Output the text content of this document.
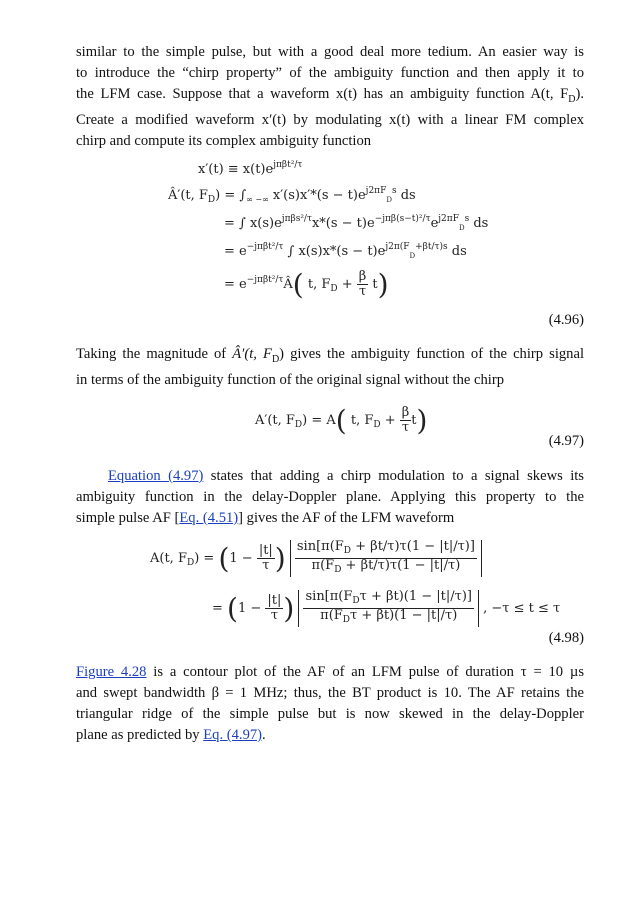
similar to the simple pulse, but with a good deal more tedium. An easier way is
to introduce the “chirp property” of the ambiguity function and then apply it to
the LFM case. Suppose that a waveform x(t) has an ambiguity function A(t, $F_D$).
Create a modified waveform x′(t) by modulating x(t) with a linear FM complex
chirp and compute its complex ambiguity function
$x'(t) \equiv x(t)e^{j\pi\beta t^2/\tau}$
Â′(t, $F_D) = \int_{\infty -\infty}$ $x'(s)x'*(s - t)e^{j2\pi F}_D^s$ ds
= ∫ $x(s)e^{j\pi\beta s^2/\tau}x*(s - t)e^{-j\pi\beta(s-t)^2/\tau}e^{j2\pi F}_D^s$ ds
= $e^{-j\pi\beta t^2/\tau}$ ∫ $x(s)x*(s - t)e^{j2\pi(F}_D^{+\beta t/\tau)s}$ ds
= $e^{-j\pi\beta t^2/\tau}Â$( t, $F_D + \frac{\beta}{\tau} t$)
(4.96)
Taking the magnitude of Â′(t, $F_D$) gives the ambiguity function of the chirp signal
in terms of the ambiguity function of the original signal without the chirp
A′(t, $F_D) = A$( t, $F_D + \frac{\beta}{\tau} t$)
(4.97)
Equation (4.97) states that adding a chirp modulation to a signal skews its
ambiguity function in the delay-Doppler plane. Applying this property to the
simple pulse AF [Eq. (4.51)] gives the AF of the LFM waveform
A(t, $F_D) = (1 - \frac{|t|}{\tau}$ ) $\frac{\sin[\pi(F_D + \beta t/\tau)\tau(1 - |t|/\tau)]}{\pi(F_D + \beta t/\tau)\tau(1 - |t|/\tau)}$
= ($1 - \frac{|t|}{\tau}$ ) $\frac{\sin[\pi(F_D\tau + \beta t)(1 - |t|/\tau)]}{\pi(F_D\tau + \beta t)(1 - |t|/\tau)}$ , −τ ≤ t ≤ τ
(4.98)
Figure 4.28 is a contour plot of the AF of an LFM pulse of duration τ = 10 µs
and swept bandwidth β = 1 MHz; thus, the BT product is 10. The AF retains the
triangular ridge of the simple pulse but is now skewed in the delay-Doppler
plane as predicted by Eq. (4.97).
